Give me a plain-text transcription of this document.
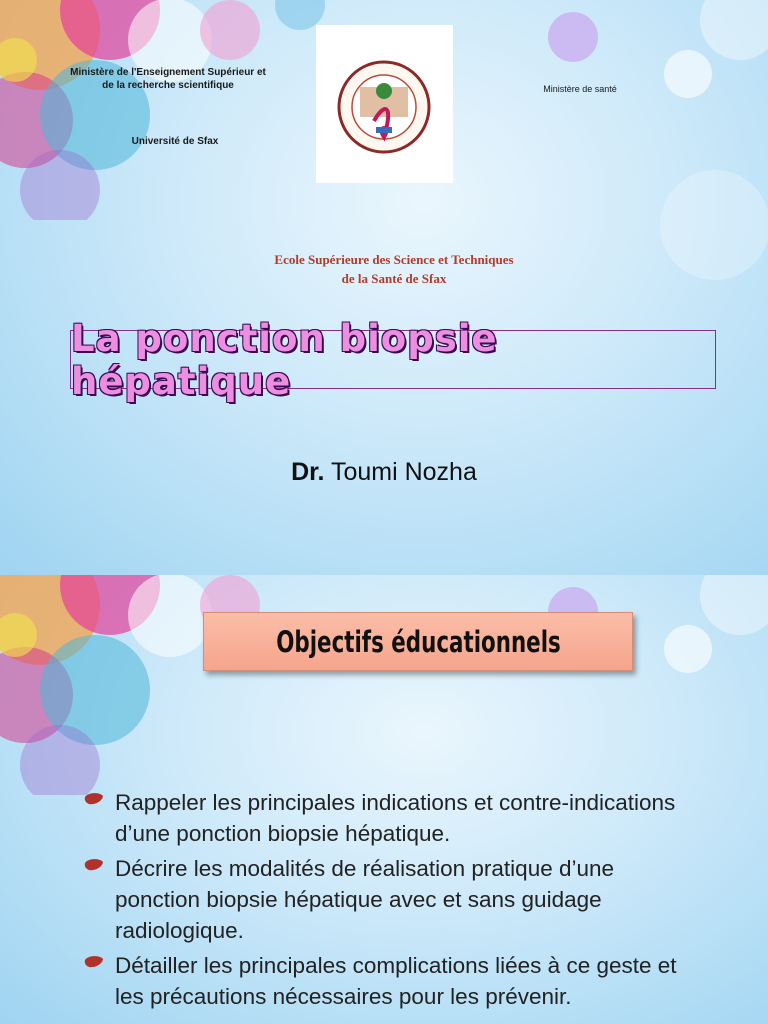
Ministère de l'Enseignement Supérieur et de la recherche scientifique
Université de Sfax
Ministère de santé
Ecole Supérieure des Science et Techniques
de la Santé de Sfax
La ponction biopsie hépatique
Dr. Toumi Nozha
Objectifs éducationnels
Rappeler les principales indications et contre-indications d’une ponction biopsie hépatique.
Décrire les modalités de réalisation pratique d’une ponction biopsie hépatique avec et sans guidage radiologique.
Détailler les principales complications liées à ce geste et les précautions nécessaires pour les prévenir.
